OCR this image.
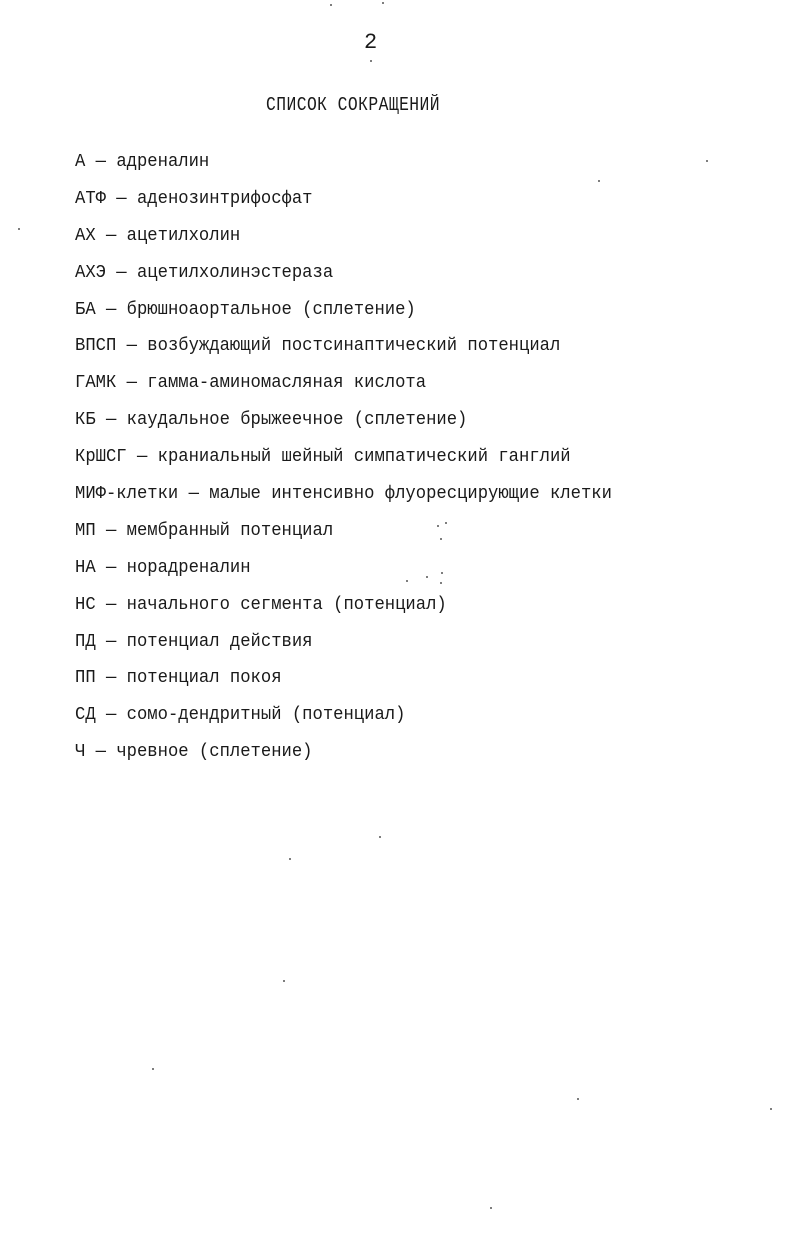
2
СПИСОК СОКРАЩЕНИЙ
А — адреналин
АТФ — аденозинтрифосфат
АХ — ацетилхолин
АХЭ — ацетилхолинэстераза
БА — брюшноаортальное (сплетение)
ВПСП — возбуждающий постсинаптический потенциал
ГАМК — гамма-аминомасляная кислота
КБ — каудальное брыжеечное (сплетение)
КрШСГ — краниальный шейный симпатический ганглий
МИФ-клетки — малые интенсивно флуоресцирующие клетки
МП — мембранный потенциал
НА — норадреналин
НС — начального сегмента (потенциал)
ПД — потенциал действия
ПП — потенциал покоя
СД — сомо-дендритный (потенциал)
Ч — чревное (сплетение)
